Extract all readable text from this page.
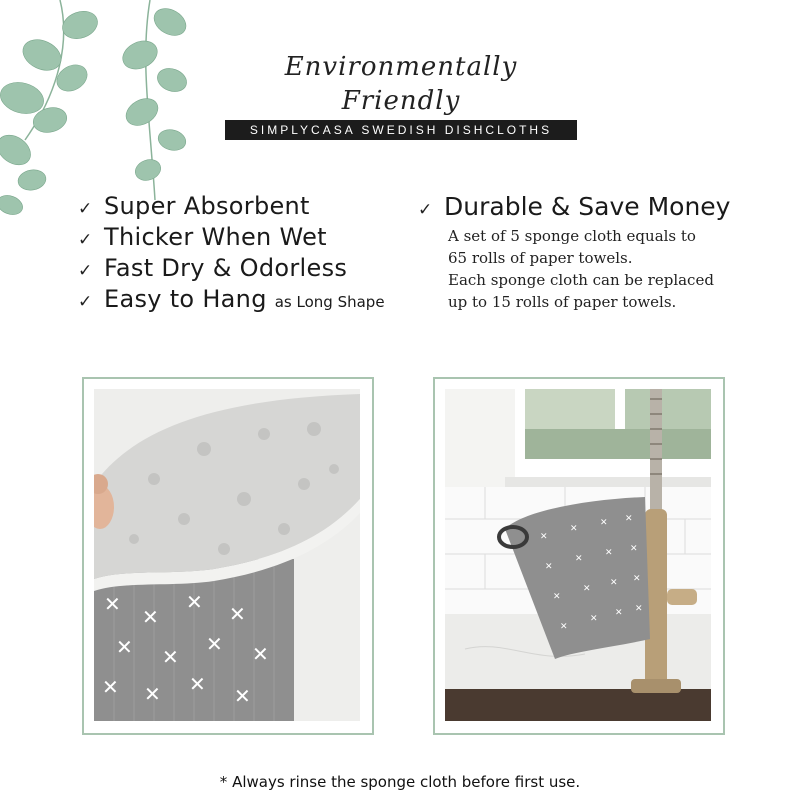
Environmentally Friendly
SIMPLYCASA SWEDISH DISHCLOTHS
✓ Super Absorbent
✓ Thicker When Wet
✓ Fast Dry & Odorless
✓ Easy to Hang as Long Shape
✓ Durable & Save Money
A set of 5 sponge cloth equals to
65 rolls of paper towels.
Each sponge cloth can be replaced
up to 15 rolls of paper towels.
✕
✕
✕ ✕
✕ ✕
✕ ✕
✕ ✕ ✕ ✕
✕
✕
✕ ✕
✕
✕
✕ ✕
✕
✕
✕ ✕
✕
✕
✕ ✕
* Always rinse the sponge cloth before first use.
